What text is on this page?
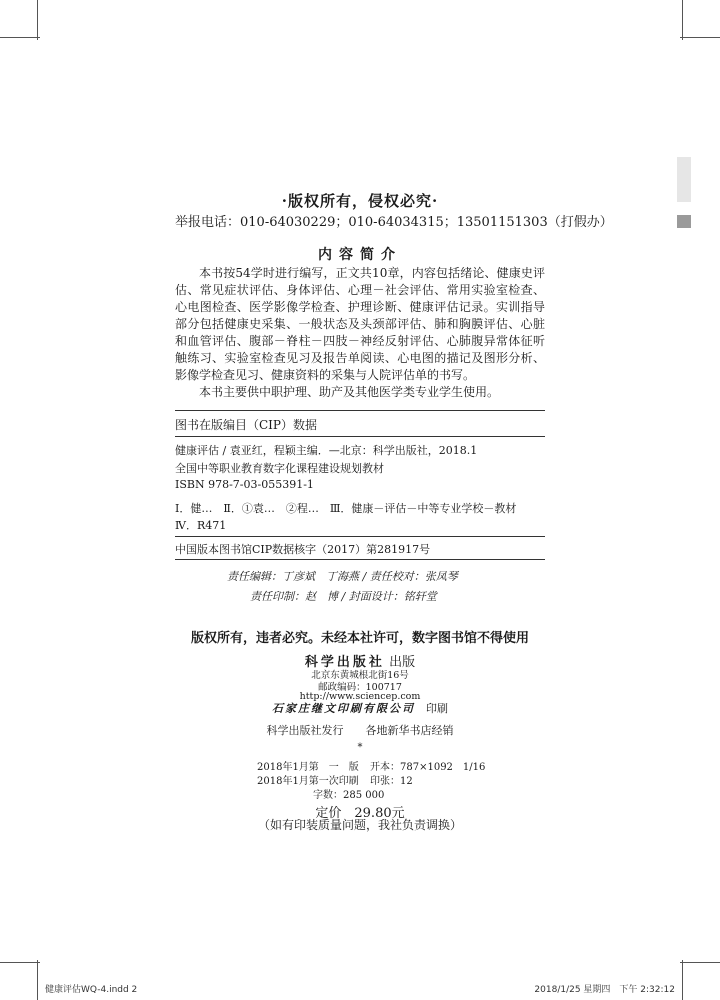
·版权所有，侵权必究·
举报电话：010-64030229；010-64034315；13501151303（打假办）
内容简介

本书按54学时进行编写，正文共10章，内容包括绪论、健康史评估、常见症状评估、身体评估、心理－社会评估、常用实验室检查、心电图检查、医学影像学检查、护理诊断、健康评估记录。实训指导部分包括健康史采集、一般状态及头颈部评估、肺和胸膜评估、心脏和血管评估、腹部－脊柱－四肢－神经反射评估、心肺腹异常体征听触练习、实验室检查见习及报告单阅读、心电图的描记及图形分析、影像学检查见习、健康资料的采集与人院评估单的书写。

本书主要供中职护理、助产及其他医学类专业学生使用。

图书在版编目（CIP）数据
健康评估 / 袁亚红，程颖主编．—北京：科学出版社，2018.1
全国中等职业教育数字化课程建设规划教材
ISBN 978-7-03-055391-1
Ⅰ．健…　Ⅱ．①袁…　②程…　Ⅲ．健康－评估－中等专业学校－教材
Ⅳ．R471
中国版本图书馆CIP数据核字（2017）第281917号
责任编辑：丁彦斌　丁海燕 / 责任校对：张凤琴
责任印制：赵　博 / 封面设计：铭轩堂
版权所有，违者必究。未经本社许可，数字图书馆不得使用
科学出版社 出版
北京东黄城根北街16号
邮政编码：100717
http://www.sciencep.com
石家庄继文印刷有限公司　印刷
科学出版社发行　　各地新华书店经销
*
2018年1月第　一　版 开本：787×1092　1/16
2018年1月第一次印刷 印张：12
字数：285 000
定价　29.80元
（如有印装质量问题，我社负责调换）
健康评估WQ-4.indd 2	2018/1/25 星期四　下午 2:32:12
